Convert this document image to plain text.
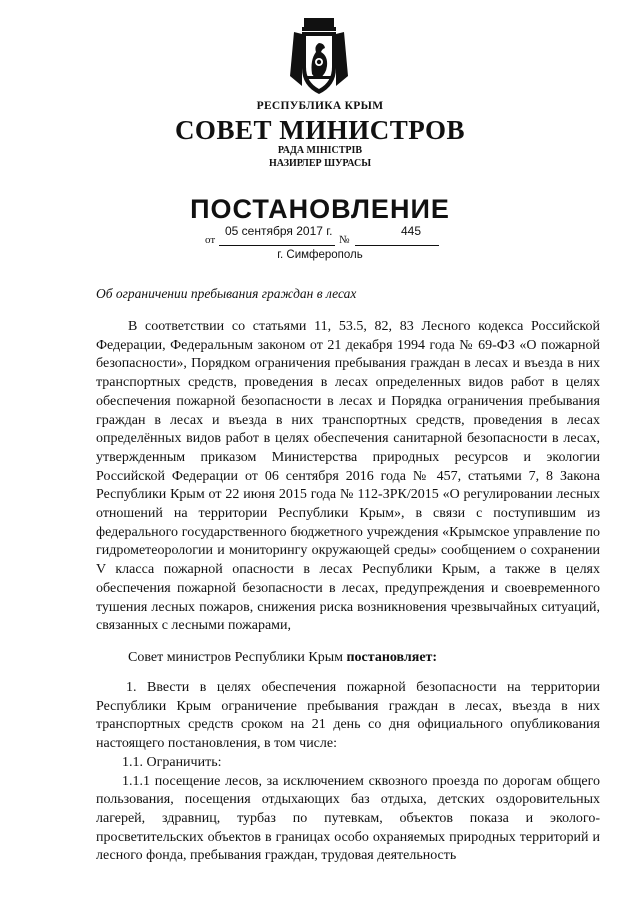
РЕСПУБЛИКА КРЫМ
СОВЕТ МИНИСТРОВ
РАДА МІНІСТРІВ
НАЗИРЛЕР ШУРАСЫ
ПОСТАНОВЛЕНИЕ
от
05 сентября 2017 г.
№
445
г. Симферополь
Об ограничении пребывания граждан в лесах

В соответствии со статьями 11, 53.5, 82, 83 Лесного кодекса Российской Федерации, Федеральным законом от 21 декабря 1994 года № 69-ФЗ «О пожарной безопасности», Порядком ограничения пребывания граждан в лесах и въезда в них транспортных средств, проведения в лесах определенных видов работ в целях обеспечения пожарной безопасности в лесах и Порядка ограничения пребывания граждан в лесах и въезда в них транспортных средств, проведения в лесах определённых видов работ в целях обеспечения санитарной безопасности в лесах, утвержденным приказом Министерства природных ресурсов и экологии Российской Федерации от 06 сентября 2016 года № 457, статьями 7, 8 Закона Республики Крым от 22 июня 2015 года № 112-ЗРК/2015 «О регулировании лесных отношений на территории Республики Крым», в связи с поступившим из федерального государственного бюджетного учреждения «Крымское управление по гидрометеорологии и мониторингу окружающей среды» сообщением о сохранении V класса пожарной опасности в лесах Республики Крым, а также в целях обеспечения пожарной безопасности в лесах, предупреждения и своевременного тушения лесных пожаров, снижения риска возникновения чрезвычайных ситуаций, связанных с лесными пожарами,

Совет министров Республики Крым постановляет:

1. Ввести в целях обеспечения пожарной безопасности на территории Республики Крым ограничение пребывания граждан в лесах, въезда в них транспортных средств сроком на 21 день со дня официального опубликования настоящего постановления, в том числе:

1.1. Ограничить:

1.1.1 посещение лесов, за исключением сквозного проезда по дорогам общего пользования, посещения отдыхающих баз отдыха, детских оздоровительных лагерей, здравниц, турбаз по путевкам, объектов показа и эколого-просветительских объектов в границах особо охраняемых природных территорий и лесного фонда, пребывания граждан, трудовая деятельность
